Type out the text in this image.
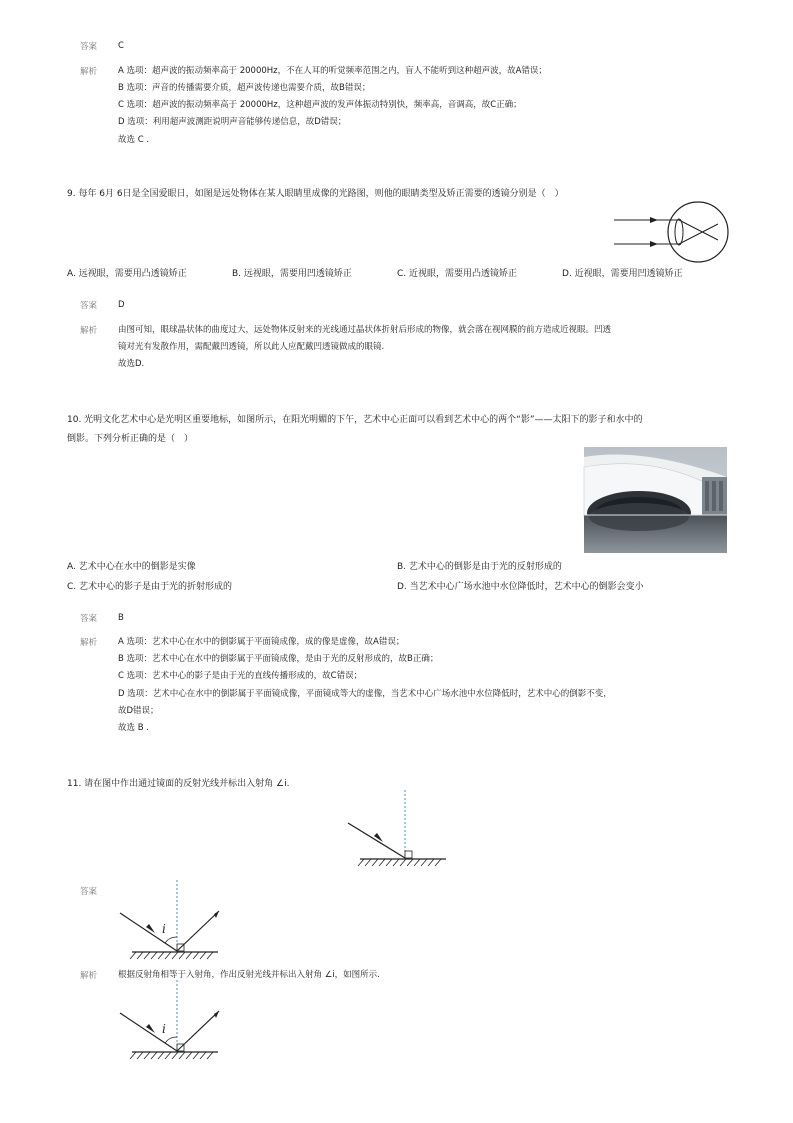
答案 C
解析 A 选项：超声波的振动频率高于 20000Hz，不在人耳的听觉频率范围之内，盲人不能听到这种超声波，故A错误；
B 选项：声音的传播需要介质，超声波传递也需要介质，故B错误；
C 选项：超声波的振动频率高于 20000Hz，这种超声波的发声体振动特别快，频率高，音调高，故C正确；
D 选项：利用超声波测距说明声音能够传递信息，故D错误；
故选 C .
9. 每年 6月 6日是全国爱眼日，如图是远处物体在某人眼睛里成像的光路图，则他的眼睛类型及矫正需要的透镜分别是（　）
A. 远视眼，需要用凸透镜矫正	B. 远视眼，需要用凹透镜矫正	C. 近视眼，需要用凸透镜矫正	D. 近视眼，需要用凹透镜矫正
答案 D
解析 由图可知，眼球晶状体的曲度过大，远处物体反射来的光线通过晶状体折射后形成的物像，就会落在视网膜的前方造成近视眼。凹透
镜对光有发散作用，需配戴凹透镜，所以此人应配戴凹透镜做成的眼镜.
故选D.
10. 光明文化艺术中心是光明区重要地标，如图所示，在阳光明媚的下午，艺术中心正面可以看到艺术中心的两个“影”——太阳下的影子和水中的
倒影。下列分析正确的是（　）
A. 艺术中心在水中的倒影是实像	B. 艺术中心的倒影是由于光的反射形成的
C. 艺术中心的影子是由于光的折射形成的	D. 当艺术中心广场水池中水位降低时，艺术中心的倒影会变小
答案 B
解析 A 选项：艺术中心在水中的倒影属于平面镜成像，成的像是虚像，故A错误；
B 选项：艺术中心在水中的倒影属于平面镜成像，是由于光的反射形成的，故B正确；
C 选项：艺术中心的影子是由于光的直线传播形成的，故C错误；
D 选项：艺术中心在水中的倒影属于平面镜成像，平面镜成等大的虚像，当艺术中心广场水池中水位降低时，艺术中心的倒影不变，
故D错误；
故选 B .
11. 请在图中作出通过镜面的反射光线并标出入射角 ∠i.
答案
i
解析 根据反射角相等于入射角，作出反射光线并标出入射角 ∠i，如图所示.
i
